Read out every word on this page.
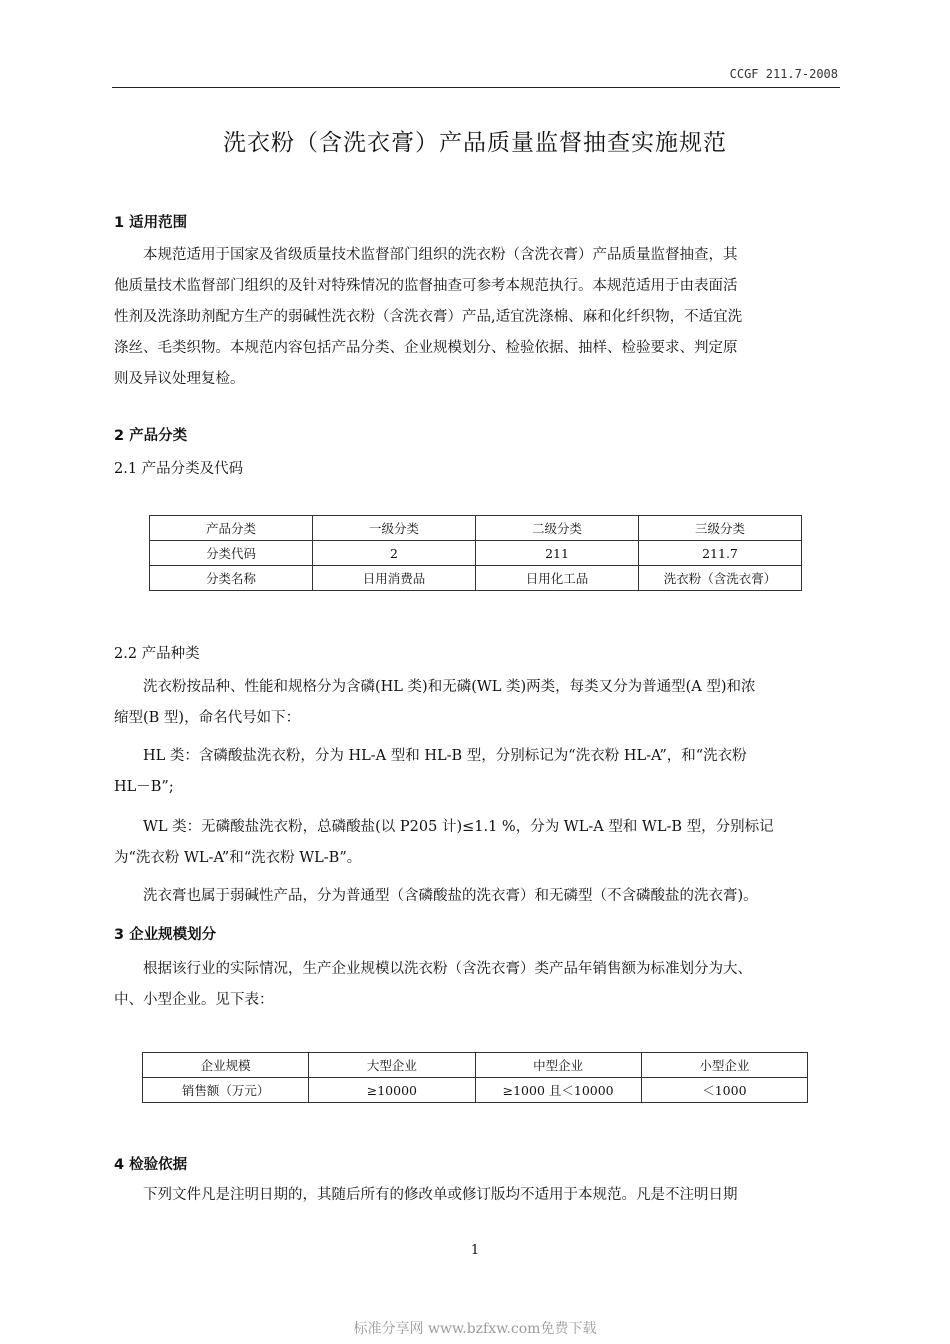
CCGF 211.7-2008
洗衣粉（含洗衣膏）产品质量监督抽查实施规范
1 适用范围
本规范适用于国家及省级质量技术监督部门组织的洗衣粉（含洗衣膏）产品质量监督抽查，其
他质量技术监督部门组织的及针对特殊情况的监督抽查可参考本规范执行。本规范适用于由表面活
性剂及洗涤助剂配方生产的弱碱性洗衣粉（含洗衣膏）产品,适宜洗涤棉、麻和化纤织物，不适宜洗
涤丝、毛类织物。本规范内容包括产品分类、企业规模划分、检验依据、抽样、检验要求、判定原
则及异议处理复检。
2 产品分类
2.1 产品分类及代码
产品分类	一级分类	二级分类	三级分类
分类代码	2	211	211.7
分类名称	日用消费品	日用化工品	洗衣粉（含洗衣膏）
2.2 产品种类
洗衣粉按品种、性能和规格分为含磷(HL 类)和无磷(WL 类)两类，每类又分为普通型(A 型)和浓
缩型(B 型)，命名代号如下：
HL 类：含磷酸盐洗衣粉，分为 HL-A 型和 HL-B 型，分别标记为“洗衣粉 HL-A”，和“洗衣粉
HL－B”;
WL 类：无磷酸盐洗衣粉，总磷酸盐(以 P205 计)≤1.1 %，分为 WL-A 型和 WL-B 型，分别标记
为“洗衣粉 WL-A”和“洗衣粉 WL-B”。
洗衣膏也属于弱碱性产品，分为普通型（含磷酸盐的洗衣膏）和无磷型（不含磷酸盐的洗衣膏)。
3 企业规模划分
根据该行业的实际情况，生产企业规模以洗衣粉（含洗衣膏）类产品年销售额为标准划分为大、
中、小型企业。见下表：
企业规模	大型企业	中型企业	小型企业
销售额（万元）	≥10000	≥1000 且＜10000	＜1000
4 检验依据
下列文件凡是注明日期的，其随后所有的修改单或修订版均不适用于本规范。凡是不注明日期
1
标准分享网 www.bzfxw.com免费下载
